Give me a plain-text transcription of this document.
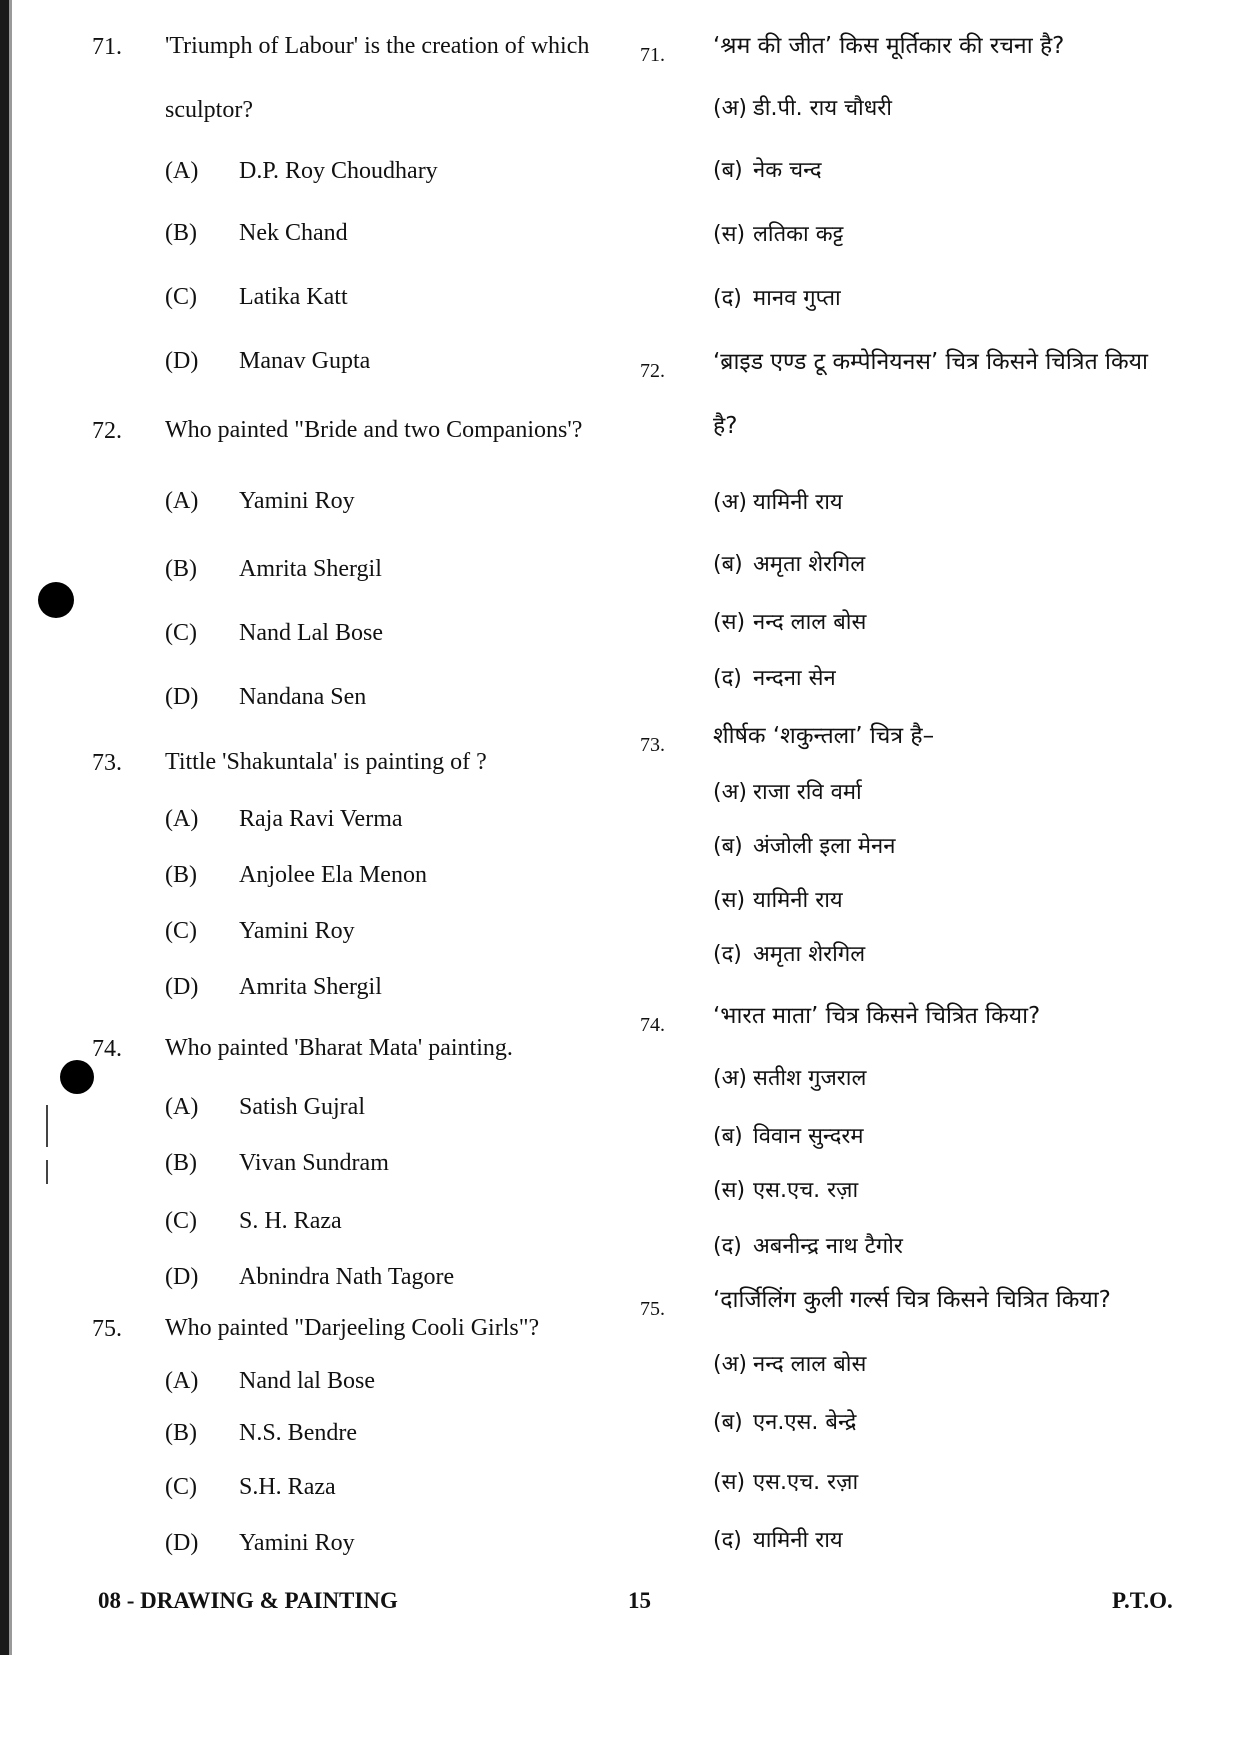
71. 'Triumph of Labour' is the creation of which sculptor?
(A) D.P. Roy Choudhary
(B) Nek Chand
(C) Latika Katt
(D) Manav Gupta
72. Who painted "Bride and two Companions'?
(A) Yamini Roy
(B) Amrita Shergil
(C) Nand Lal Bose
(D) Nandana Sen
73. Tittle 'Shakuntala' is painting of ?
(A) Raja Ravi Verma
(B) Anjolee Ela Menon
(C) Yamini Roy
(D) Amrita Shergil
74. Who painted 'Bharat Mata' painting.
(A) Satish Gujral
(B) Vivan Sundram
(C) S. H. Raza
(D) Abnindra Nath Tagore
75. Who painted "Darjeeling Cooli Girls"?
(A) Nand lal Bose
(B) N.S. Bendre
(C) S.H. Raza
(D) Yamini Roy
71. ‘श्रम की जीत’ किस मूर्तिकार की रचना है?
(अ) डी.पी. राय चौधरी
(ब) नेक चन्द
(स) लतिका कट्ट
(द) मानव गुप्ता
72. ‘ब्राइड एण्ड टू कम्पेनियनस’ चित्र किसने चित्रित किया है?
(अ) यामिनी राय
(ब) अमृता शेरगिल
(स) नन्द लाल बोस
(द) नन्दना सेन
73. शीर्षक ‘शकुन्तला’ चित्र है–
(अ) राजा रवि वर्मा
(ब) अंजोली इला मेनन
(स) यामिनी राय
(द) अमृता शेरगिल
74. ‘भारत माता’ चित्र किसने चित्रित किया?
(अ) सतीश गुजराल
(ब) विवान सुन्दरम
(स) एस.एच. रज़ा
(द) अबनीन्द्र नाथ टैगोर
75. ‘दार्जिलिंग कुली गर्ल्स चित्र किसने चित्रित किया?
(अ) नन्द लाल बोस
(ब) एन.एस. बेन्द्रे
(स) एस.एच. रज़ा
(द) यामिनी राय
08 - DRAWING & PAINTING	15	P.T.O.
